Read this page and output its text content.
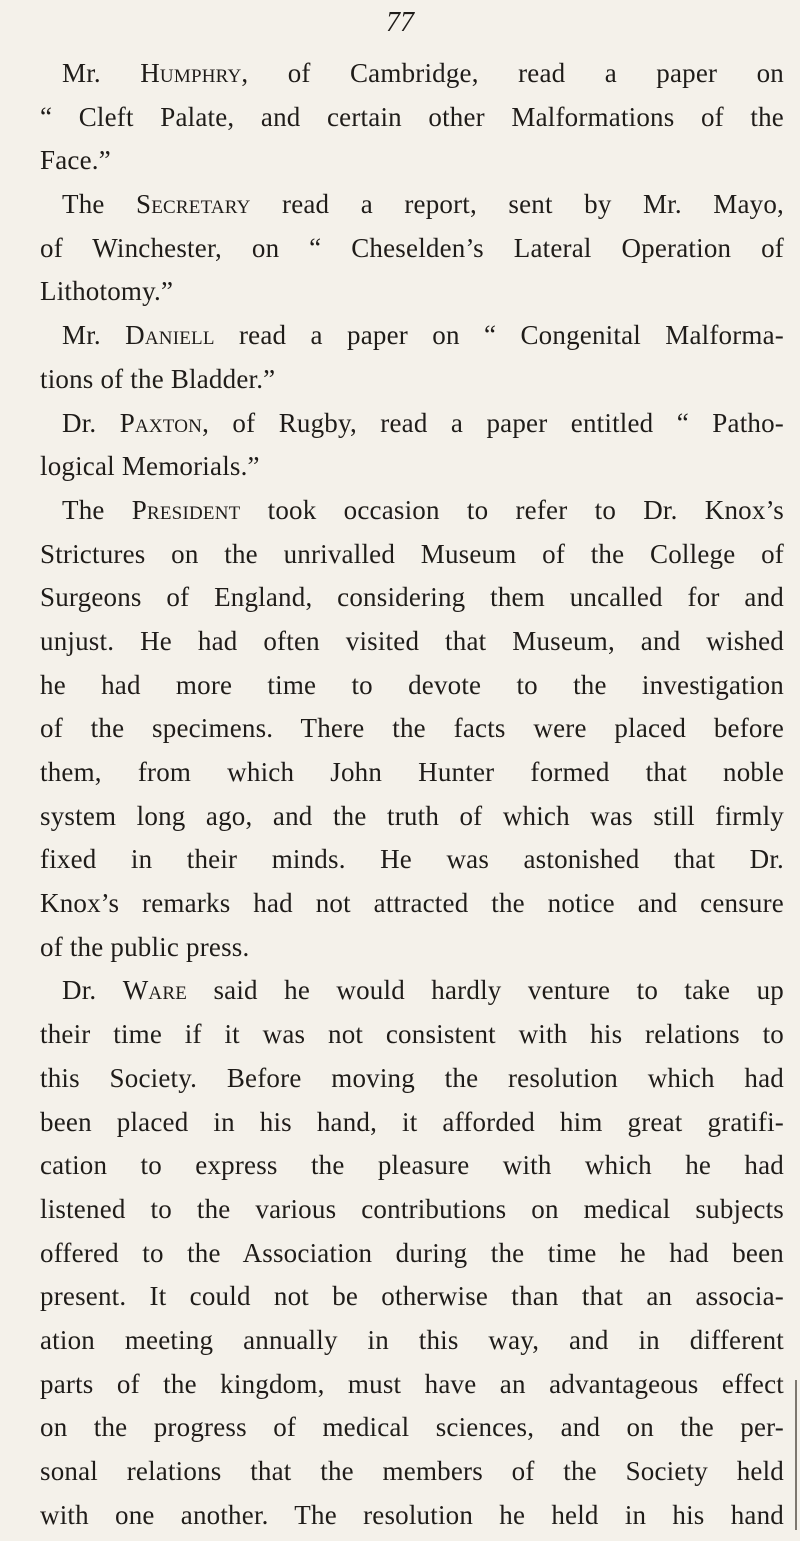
77
Mr. Humphry, of Cambridge, read a paper on
“ Cleft Palate, and certain other Malformations of the
Face.”
The Secretary read a report, sent by Mr. Mayo,
of Winchester, on “ Cheselden’s Lateral Operation of
Lithotomy.”
Mr. Daniell read a paper on “ Congenital Malforma-
tions of the Bladder.”
Dr. Paxton, of Rugby, read a paper entitled “ Patho-
logical Memorials.”
The President took occasion to refer to Dr. Knox’s
Strictures on the unrivalled Museum of the College of
Surgeons of England, considering them uncalled for and
unjust. He had often visited that Museum, and wished
he had more time to devote to the investigation
of the specimens. There the facts were placed before
them, from which John Hunter formed that noble
system long ago, and the truth of which was still firmly
fixed in their minds. He was astonished that Dr.
Knox’s remarks had not attracted the notice and censure
of the public press.
Dr. Ware said he would hardly venture to take up
their time if it was not consistent with his relations to
this Society. Before moving the resolution which had
been placed in his hand, it afforded him great gratifi-
cation to express the pleasure with which he had
listened to the various contributions on medical subjects
offered to the Association during the time he had been
present. It could not be otherwise than that an associa-
ation meeting annually in this way, and in different
parts of the kingdom, must have an advantageous effect
on the progress of medical sciences, and on the per-
sonal relations that the members of the Society held
with one another. The resolution he held in his hand
